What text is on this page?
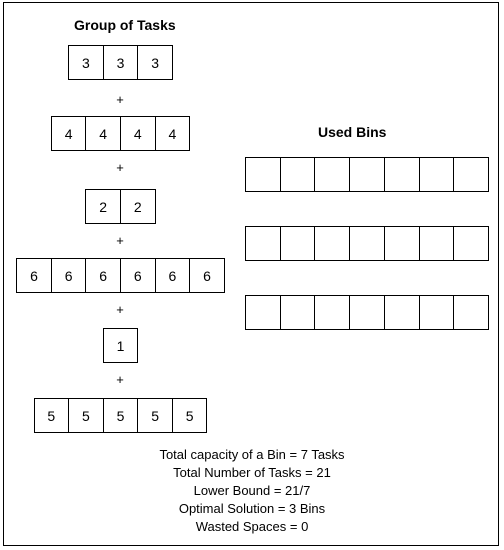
Group of Tasks
Used Bins
3	3	3
+
4	4	4	4
+
2	2
+
6	6	6	6	6	6
+
1
+
5	5	5	5	5
Total capacity of a Bin = 7 Tasks
Total Number of Tasks = 21
Lower Bound = 21/7
Optimal Solution = 3 Bins
Wasted Spaces = 0
